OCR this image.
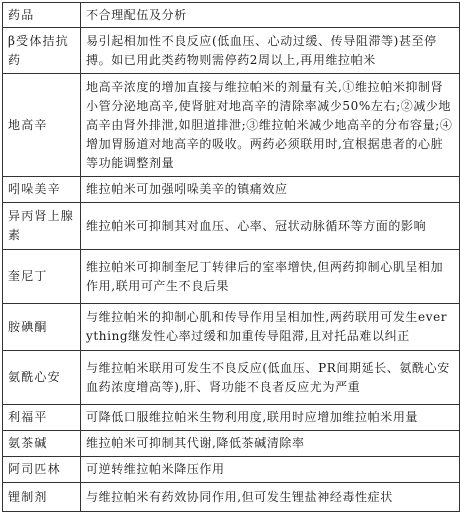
药品	不合理配伍及分析
β受体拮抗药	易引起相加性不良反应(低血压、心动过缓、传导阻滞等)甚至停搏。如已用此类药物则需停药2周以上,再用维拉帕米
地高辛	地高辛浓度的增加直接与维拉帕米的剂量有关,①维拉帕米抑制肾小管分泌地高辛,使肾脏对地高辛的清除率减少50%左右;②减少地高辛由肾外排泄,如胆道排泄;③维拉帕米减少地高辛的分布容量;④增加胃肠道对地高辛的吸收。两药必须联用时,宜根据患者的心脏等功能调整剂量
吲哚美辛	维拉帕米可加强吲哚美辛的镇痛效应
异丙肾上腺素	维拉帕米可抑制其对血压、心率、冠状动脉循环等方面的影响
奎尼丁	维拉帕米可抑制奎尼丁转律后的室率增快,但两药抑制心肌呈相加作用,联用可产生不良后果
胺碘酮	与维拉帕米的抑制心肌和传导作用呈相加性,两药联用可发生everything继发性心率过缓和加重传导阻滞,且对托品难以纠正
氨酰心安	与维拉帕米联用可发生不良反应(低血压、PR间期延长、氨酰心安血药浓度增高等),肝、肾功能不良者反应尤为严重
利福平	可降低口服维拉帕米生物利用度,联用时应增加维拉帕米用量
氨茶碱	维拉帕米可抑制其代谢,降低茶碱清除率
阿司匹林	可逆转维拉帕米降压作用
锂制剂	与维拉帕米有药效协同作用,但可发生锂盐神经毒性症状
